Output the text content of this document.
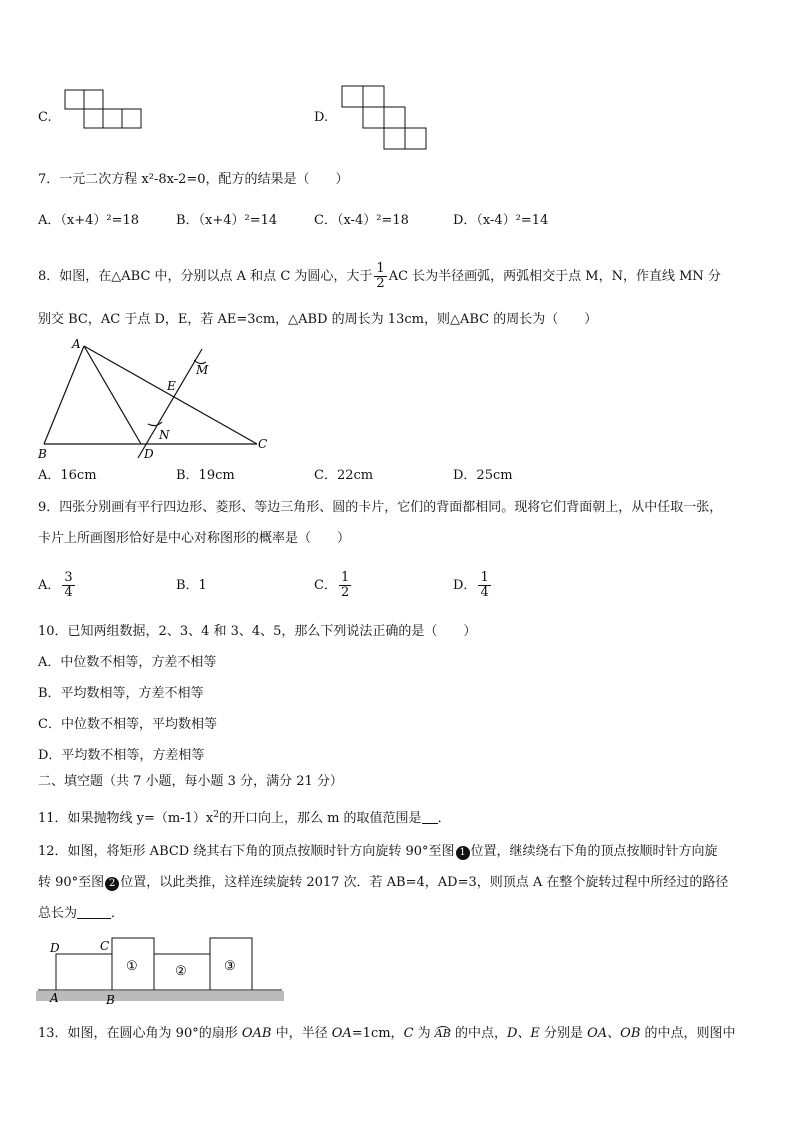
C.	D.
7．一元二次方程 x²-8x-2=0，配方的结果是（　　）
A．（x+4）²=18	B．（x+4）²=14	C．（x-4）²=18	D．（x-4）²=14
8．如图，在△ABC 中，分别以点 A 和点 C 为圆心，大于 $\frac{1}{2}$ AC 长为半径画弧，两弧相交于点 M，N，作直线 MN 分
别交 BC，AC 于点 D，E，若 AE=3cm，△ABD 的周长为 13cm，则△ABC 的周长为（　　）
A
B
C
D
E
M
N
A．16cm	B．19cm	C．22cm	D．25cm
9．四张分别画有平行四边形、菱形、等边三角形、圆的卡片，它们的背面都相同。现将它们背面朝上，从中任取一张，
卡片上所画图形恰好是中心对称图形的概率是（　　）
A． $\frac{3}{4}$	B．1	C． $\frac{1}{2}$	D． $\frac{1}{4}$
10．已知两组数据，2、3、4 和 3、4、5，那么下列说法正确的是（　　）
A．中位数不相等，方差不相等
B．平均数相等，方差不相等
C．中位数不相等，平均数相等
D．平均数不相等，方差相等
二、填空题（共 7 小题，每小题 3 分，满分 21 分）
11．如果抛物线 $y=(m-1)x^2$的开口向上，那么 m 的取值范围是 ．
12．如图，将矩形 ABCD 绕其右下角的顶点按顺时针方向旋转 90°至图 1 位置，继续绕右下角的顶点按顺时针方向旋
转 90°至图 2 位置，以此类推，这样连续旋转 2017 次．若 AB=4，AD=3，则顶点 A 在整个旋转过程中所经过的路径
总长为	．
D	C
A	B
①	②	③
13．如图，在圆心角为 90°的扇形 OAB 中，半径 OA=1cm，C 为 AB 的中点，D、E 分别是 OA、OB 的中点，则图中
